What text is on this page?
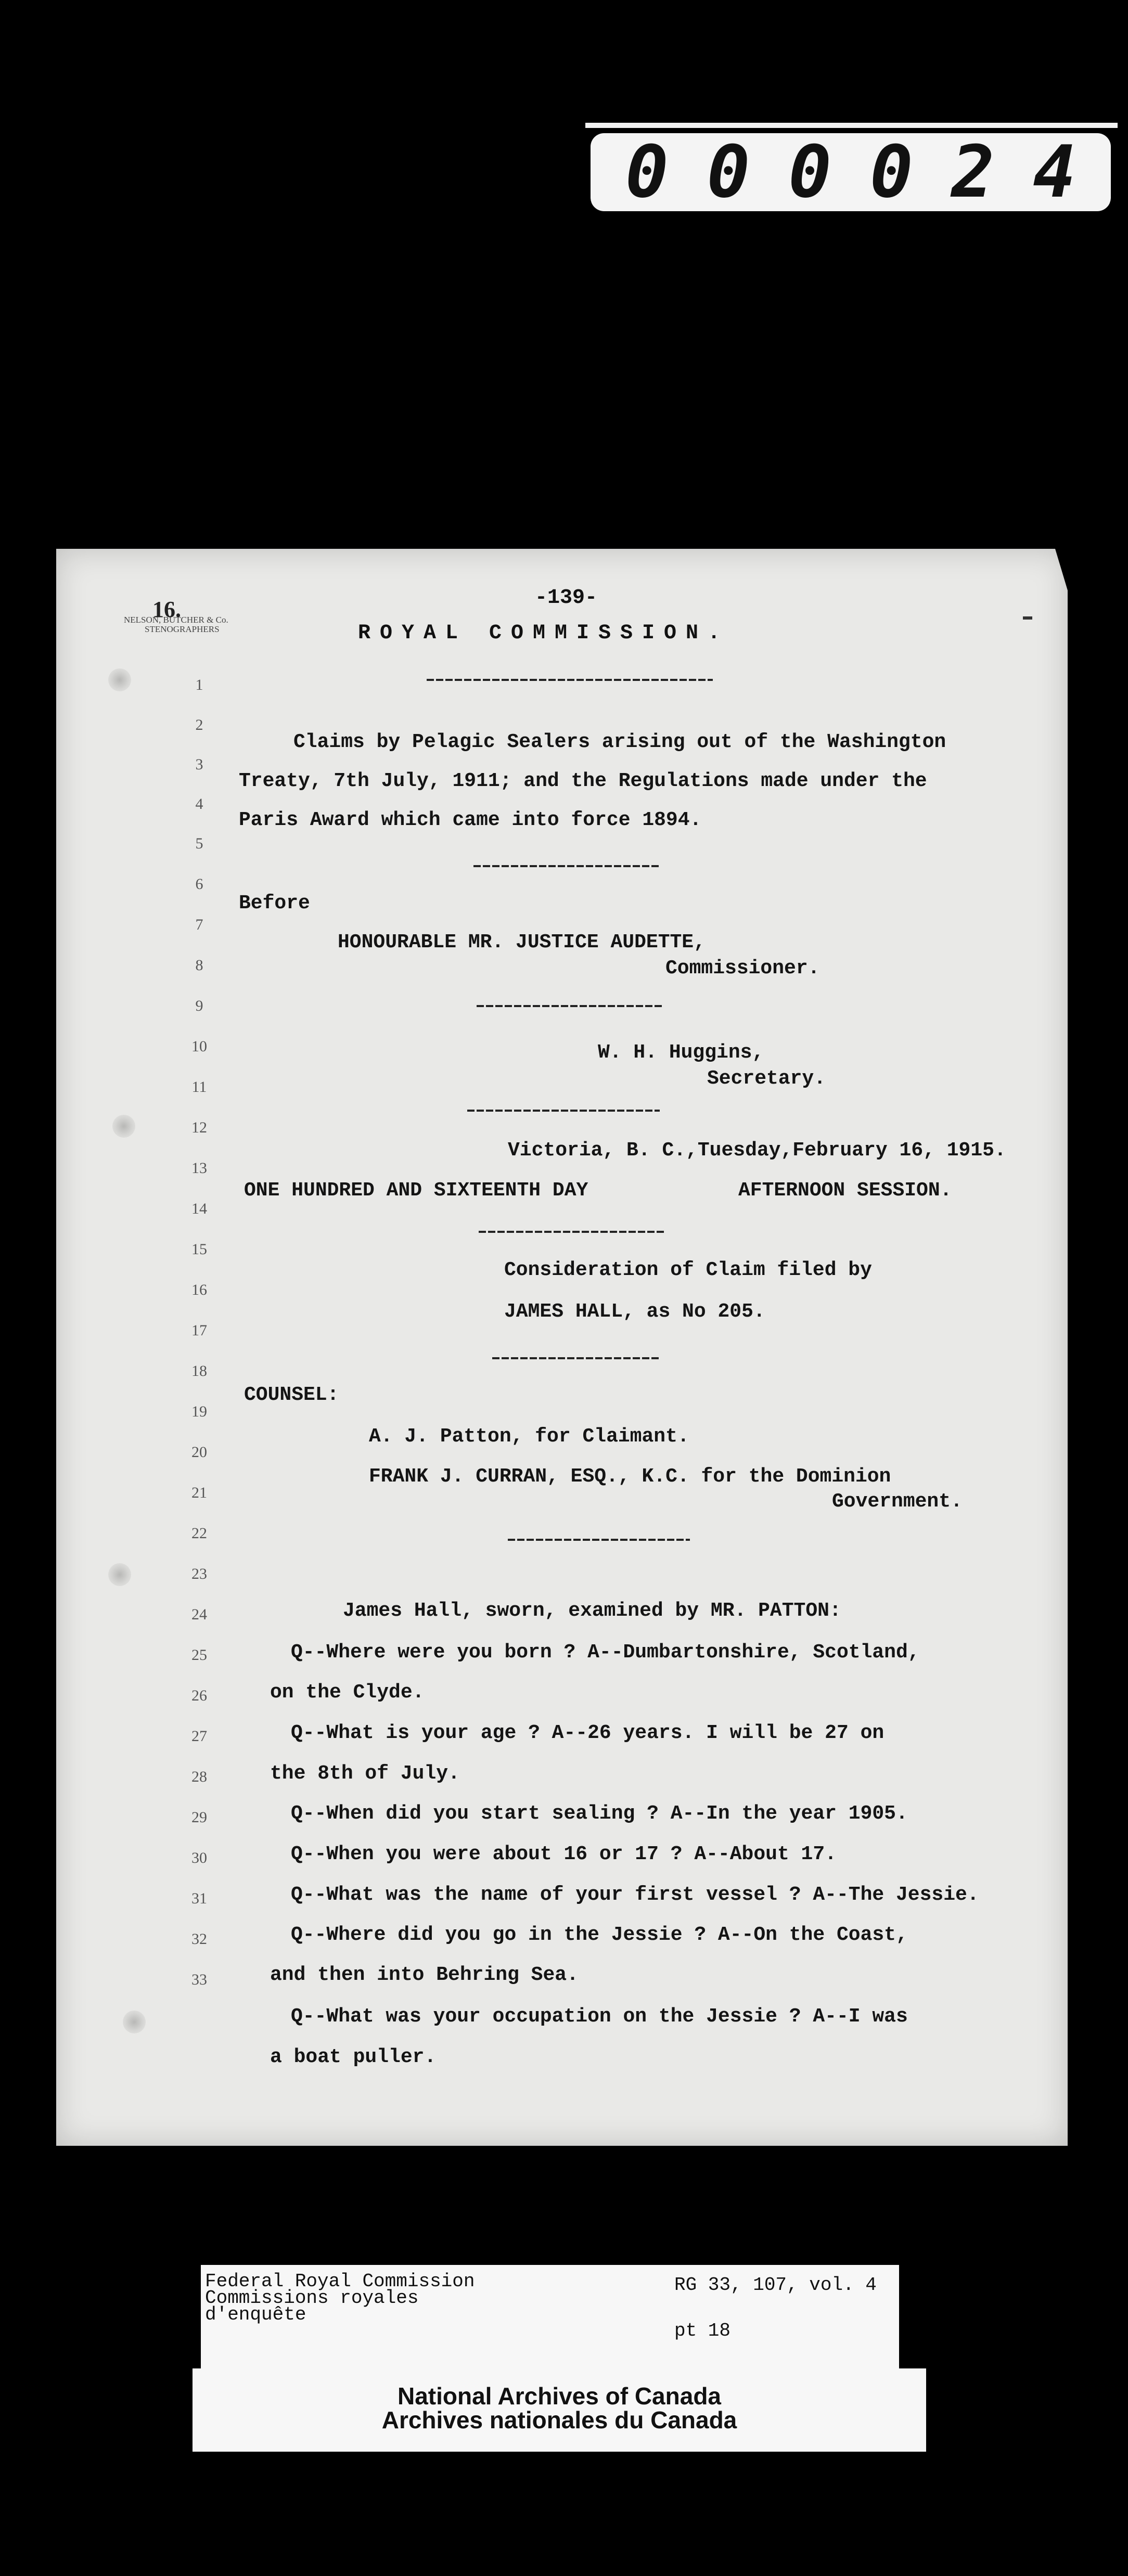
0 0 0 0 2 4
16.
NELSON, BUTCHER & Co.
STENOGRAPHERS
-139-
ROYAL COMMISSION.
1
2
3
4
5
6
7
8
9
10
11
12
13
14
15
16
17
18
19
20
21
22
23
24
25
26
27
28
29
30
31
32
33
Claims by Pelagic Sealers arising out of the Washington
Treaty, 7th July, 1911; and the Regulations made under the
Paris Award which came into force 1894.
Before
HONOURABLE MR. JUSTICE AUDETTE,
Commissioner.
W. H. Huggins,
Secretary.
Victoria, B. C.,Tuesday,February 16, 1915.
ONE HUNDRED AND SIXTEENTH DAY	AFTERNOON SESSION.
Consideration of Claim filed by
JAMES HALL, as No 205.
COUNSEL:
A. J. Patton, for Claimant.
FRANK J. CURRAN, ESQ., K.C. for the Dominion
Government.
James Hall, sworn, examined by MR. PATTON:
Q--Where were you born ? A--Dumbartonshire, Scotland,
on the Clyde.
Q--What is your age ? A--26 years. I will be 27 on
the 8th of July.
Q--When did you start sealing ? A--In the year 1905.
Q--When you were about 16 or 17 ? A--About 17.
Q--What was the name of your first vessel ? A--The Jessie.
Q--Where did you go in the Jessie ? A--On the Coast,
and then into Behring Sea.
Q--What was your occupation on the Jessie ? A--I was
a boat puller.
Federal Royal Commission
Commissions royales
d'enquête
RG 33, 107, vol. 4
pt 18
National Archives of Canada
Archives nationales du Canada
